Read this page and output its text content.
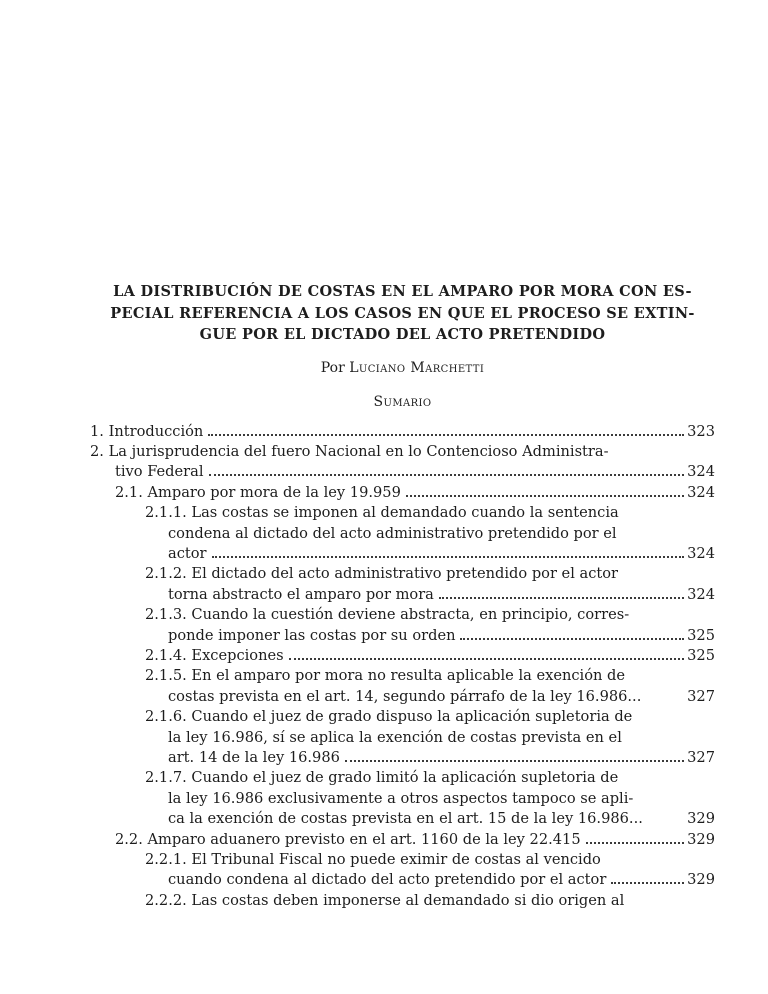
LA DISTRIBUCIÓN DE COSTAS EN EL AMPARO POR MORA CON ES-
PECIAL REFERENCIA A LOS CASOS EN QUE EL PROCESO SE EXTIN-
GUE POR EL DICTADO DEL ACTO PRETENDIDO
Por Luciano Marchetti
Sumario
1. Introducción	323
2. La jurisprudencia del fuero Nacional en lo Contencioso Administra-
tivo Federal	324
2.1. Amparo por mora de la ley 19.959	324
2.1.1. Las costas se imponen al demandado cuando la sentencia
condena al dictado del acto administrativo pretendido por el
actor	324
2.1.2. El dictado del acto administrativo pretendido por el actor
torna abstracto el amparo por mora	324
2.1.3. Cuando la cuestión deviene abstracta, en principio, corres-
ponde imponer las costas por su orden	325
2.1.4. Excepciones	325
2.1.5. En el amparo por mora no resulta aplicable la exención de
costas prevista en el art. 14, segundo párrafo de la ley 16.986...	327
2.1.6. Cuando el juez de grado dispuso la aplicación supletoria de
la ley 16.986, sí se aplica la exención de costas prevista en el
art. 14 de la ley 16.986	327
2.1.7. Cuando el juez de grado limitó la aplicación supletoria de
la ley 16.986 exclusivamente a otros aspectos tampoco se apli-
ca la exención de costas prevista en el art. 15 de la ley 16.986...	329
2.2. Amparo aduanero previsto en el art. 1160 de la ley 22.415	329
2.2.1. El Tribunal Fiscal no puede eximir de costas al vencido
cuando condena al dictado del acto pretendido por el actor	329
2.2.2. Las costas deben imponerse al demandado si dio origen al
